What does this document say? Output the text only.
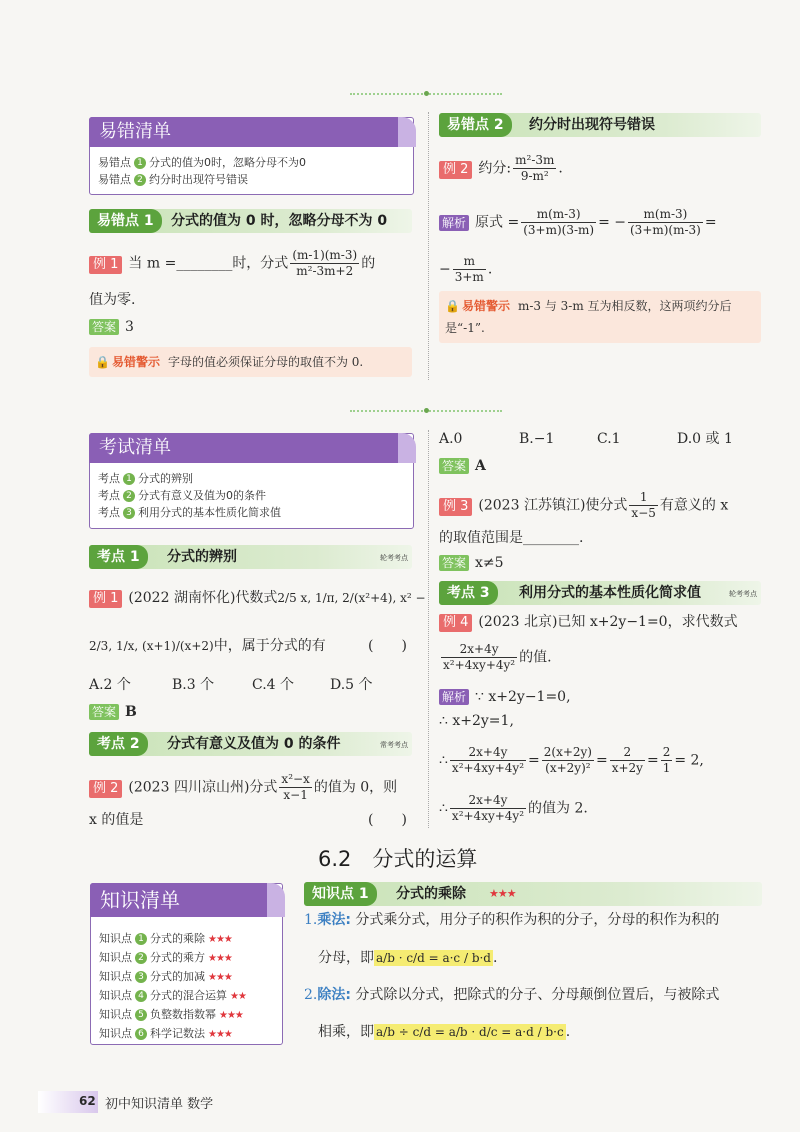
易错清单
易错点 1 分式的值为0时，忽略分母不为0
易错点 2 约分时出现符号错误
易错点 1	分式的值为 0 时，忽略分母不为 0
例 1 当 m =________时，分式 $\frac{(m-1)(m-3)}{\text{m²-3m+2}}$ 的
值为零.
答案 3
🔒 易错警示 字母的值必须保证分母的取值不为 0.
易错点 2	约分时出现符号错误
例 2 约分: $\frac{\text{m²-3m}}{\text{9-m²}}$ .
解析 原式 = $\frac{m(m-3)}{(3+m)(3-m)}$ = − $\frac{m(m-3)}{(3+m)(m-3)}$ =
− $\frac{m}{3+m}$ .
🔒 易错警示 m-3 与 3-m 互为相反数，这两项约分后
是“-1”.
考试清单
考点 1 分式的辨别
考点 2 分式有意义及值为0的条件
考点 3 利用分式的基本性质化简求值
考点 1	分式的辨别	轮考考点
例 1 (2022 湖南怀化)代数式2/5 x, 1/π, 2/(x²+4), x² −
2/3, 1/x, (x+1)/(x+2)中，属于分式的有	(　　)
A.2 个	B.3 个	C.4 个	D.5 个
答案 B
考点 2	分式有意义及值为 0 的条件	常考考点
例 2 (2023 四川凉山州)分式 $\frac{\text{x²−x}}{x-1}$ 的值为 0，则
x 的值是	(　　)
A.0	B.−1	C.1	D.0 或 1
答案 A
例 3 (2023 江苏镇江)使分式 $\frac{1}{x-5}$ 有意义的 x
的取值范围是________.
答案 x≠5
考点 3	利用分式的基本性质化简求值	轮考考点
例 4 (2023 北京)已知 x+2y−1=0，求代数式
$\frac{2x+4y}{\text{x²+4xy+4y²}}$ 的值.
解析 ∵ x+2y−1=0,
∴ x+2y=1,
∴ $\frac{2x+4y}{\text{x²+4xy+4y²}} = \frac{2(x+2y)}{\text{(x+2y)²}} = \frac{2}{x+2y} = \frac{2}{1} = 2$,
∴ $\frac{2x+4y}{\text{x²+4xy+4y²}}$ 的值为 2.
6.2　分式的运算
知识清单
知识点 1 分式的乘除 ★★★
知识点 2 分式的乘方 ★★★
知识点 3 分式的加减 ★★★
知识点 4 分式的混合运算 ★★
知识点 5 负整数指数幂 ★★★
知识点 6 科学记数法 ★★★
知识点 1	分式的乘除 ★★★
1.乘法: 分式乘分式，用分子的积作为积的分子，分母的积作为积的
分母，即 a/b · c/d = a·c / b·d .
2.除法: 分式除以分式，把除式的分子、分母颠倒位置后，与被除式
相乘，即 a/b ÷ c/d = a/b · d/c = a·d / b·c .
62 初中知识清单 数学
